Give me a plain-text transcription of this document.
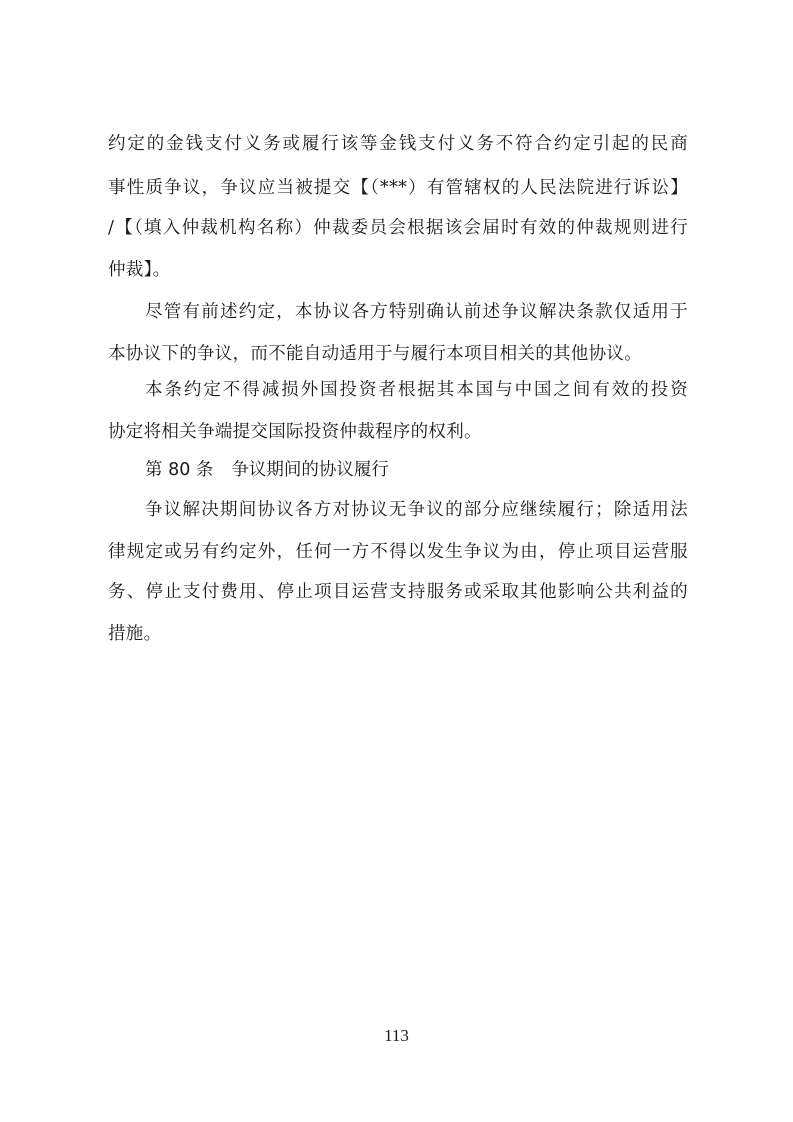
约定的金钱支付义务或履行该等金钱支付义务不符合约定引起的民商
事性质争议，争议应当被提交【（***）有管辖权的人民法院进行诉讼】
/【（填入仲裁机构名称）仲裁委员会根据该会届时有效的仲裁规则进行
仲裁】。
尽管有前述约定，本协议各方特别确认前述争议解决条款仅适用于
本协议下的争议，而不能自动适用于与履行本项目相关的其他协议。
本条约定不得减损外国投资者根据其本国与中国之间有效的投资
协定将相关争端提交国际投资仲裁程序的权利。
第 80 条 争议期间的协议履行
争议解决期间协议各方对协议无争议的部分应继续履行；除适用法
律规定或另有约定外，任何一方不得以发生争议为由，停止项目运营服
务、停止支付费用、停止项目运营支持服务或采取其他影响公共利益的
措施。
113
